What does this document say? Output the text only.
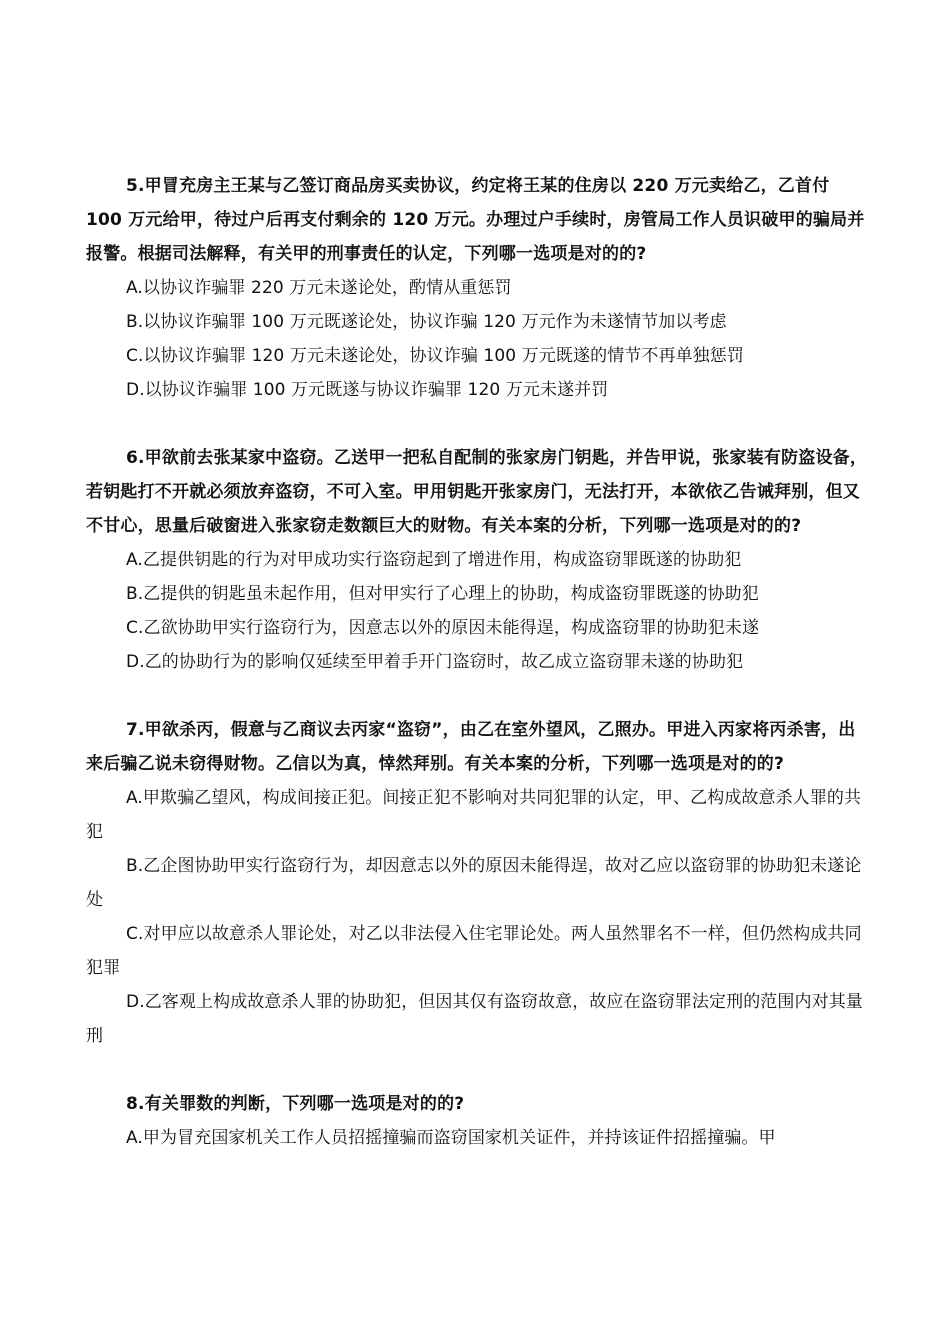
5.甲冒充房主王某与乙签订商品房买卖协议，约定将王某的住房以 220 万元卖给乙，乙首付 100 万元给甲，待过户后再支付剩余的 120 万元。办理过户手续时，房管局工作人员识破甲的骗局并报警。根据司法解释，有关甲的刑事责任的认定，下列哪一选项是对的的?

A.以协议诈骗罪 220 万元未遂论处，酌情从重惩罚

B.以协议诈骗罪 100 万元既遂论处，协议诈骗 120 万元作为未遂情节加以考虑

C.以协议诈骗罪 120 万元未遂论处，协议诈骗 100 万元既遂的情节不再单独惩罚

D.以协议诈骗罪 100 万元既遂与协议诈骗罪 120 万元未遂并罚

6.甲欲前去张某家中盗窃。乙送甲一把私自配制的张家房门钥匙，并告甲说，张家装有防盗设备，若钥匙打不开就必须放弃盗窃，不可入室。甲用钥匙开张家房门，无法打开，本欲依乙告诫拜别，但又不甘心，思量后破窗进入张家窃走数额巨大的财物。有关本案的分析，下列哪一选项是对的的?

A.乙提供钥匙的行为对甲成功实行盗窃起到了增进作用，构成盗窃罪既遂的协助犯

B.乙提供的钥匙虽未起作用，但对甲实行了心理上的协助，构成盗窃罪既遂的协助犯

C.乙欲协助甲实行盗窃行为，因意志以外的原因未能得逞，构成盗窃罪的协助犯未遂

D.乙的协助行为的影响仅延续至甲着手开门盗窃时，故乙成立盗窃罪未遂的协助犯

7.甲欲杀丙，假意与乙商议去丙家“盗窃”，由乙在室外望风，乙照办。甲进入丙家将丙杀害，出来后骗乙说未窃得财物。乙信以为真，悻然拜别。有关本案的分析，下列哪一选项是对的的?

A.甲欺骗乙望风，构成间接正犯。间接正犯不影响对共同犯罪的认定，甲、乙构成故意杀人罪的共犯

B.乙企图协助甲实行盗窃行为，却因意志以外的原因未能得逞，故对乙应以盗窃罪的协助犯未遂论处

C.对甲应以故意杀人罪论处，对乙以非法侵入住宅罪论处。两人虽然罪名不一样，但仍然构成共同犯罪

D.乙客观上构成故意杀人罪的协助犯，但因其仅有盗窃故意，故应在盗窃罪法定刑的范围内对其量刑

8.有关罪数的判断，下列哪一选项是对的的?

A.甲为冒充国家机关工作人员招摇撞骗而盗窃国家机关证件，并持该证件招摇撞骗。甲
